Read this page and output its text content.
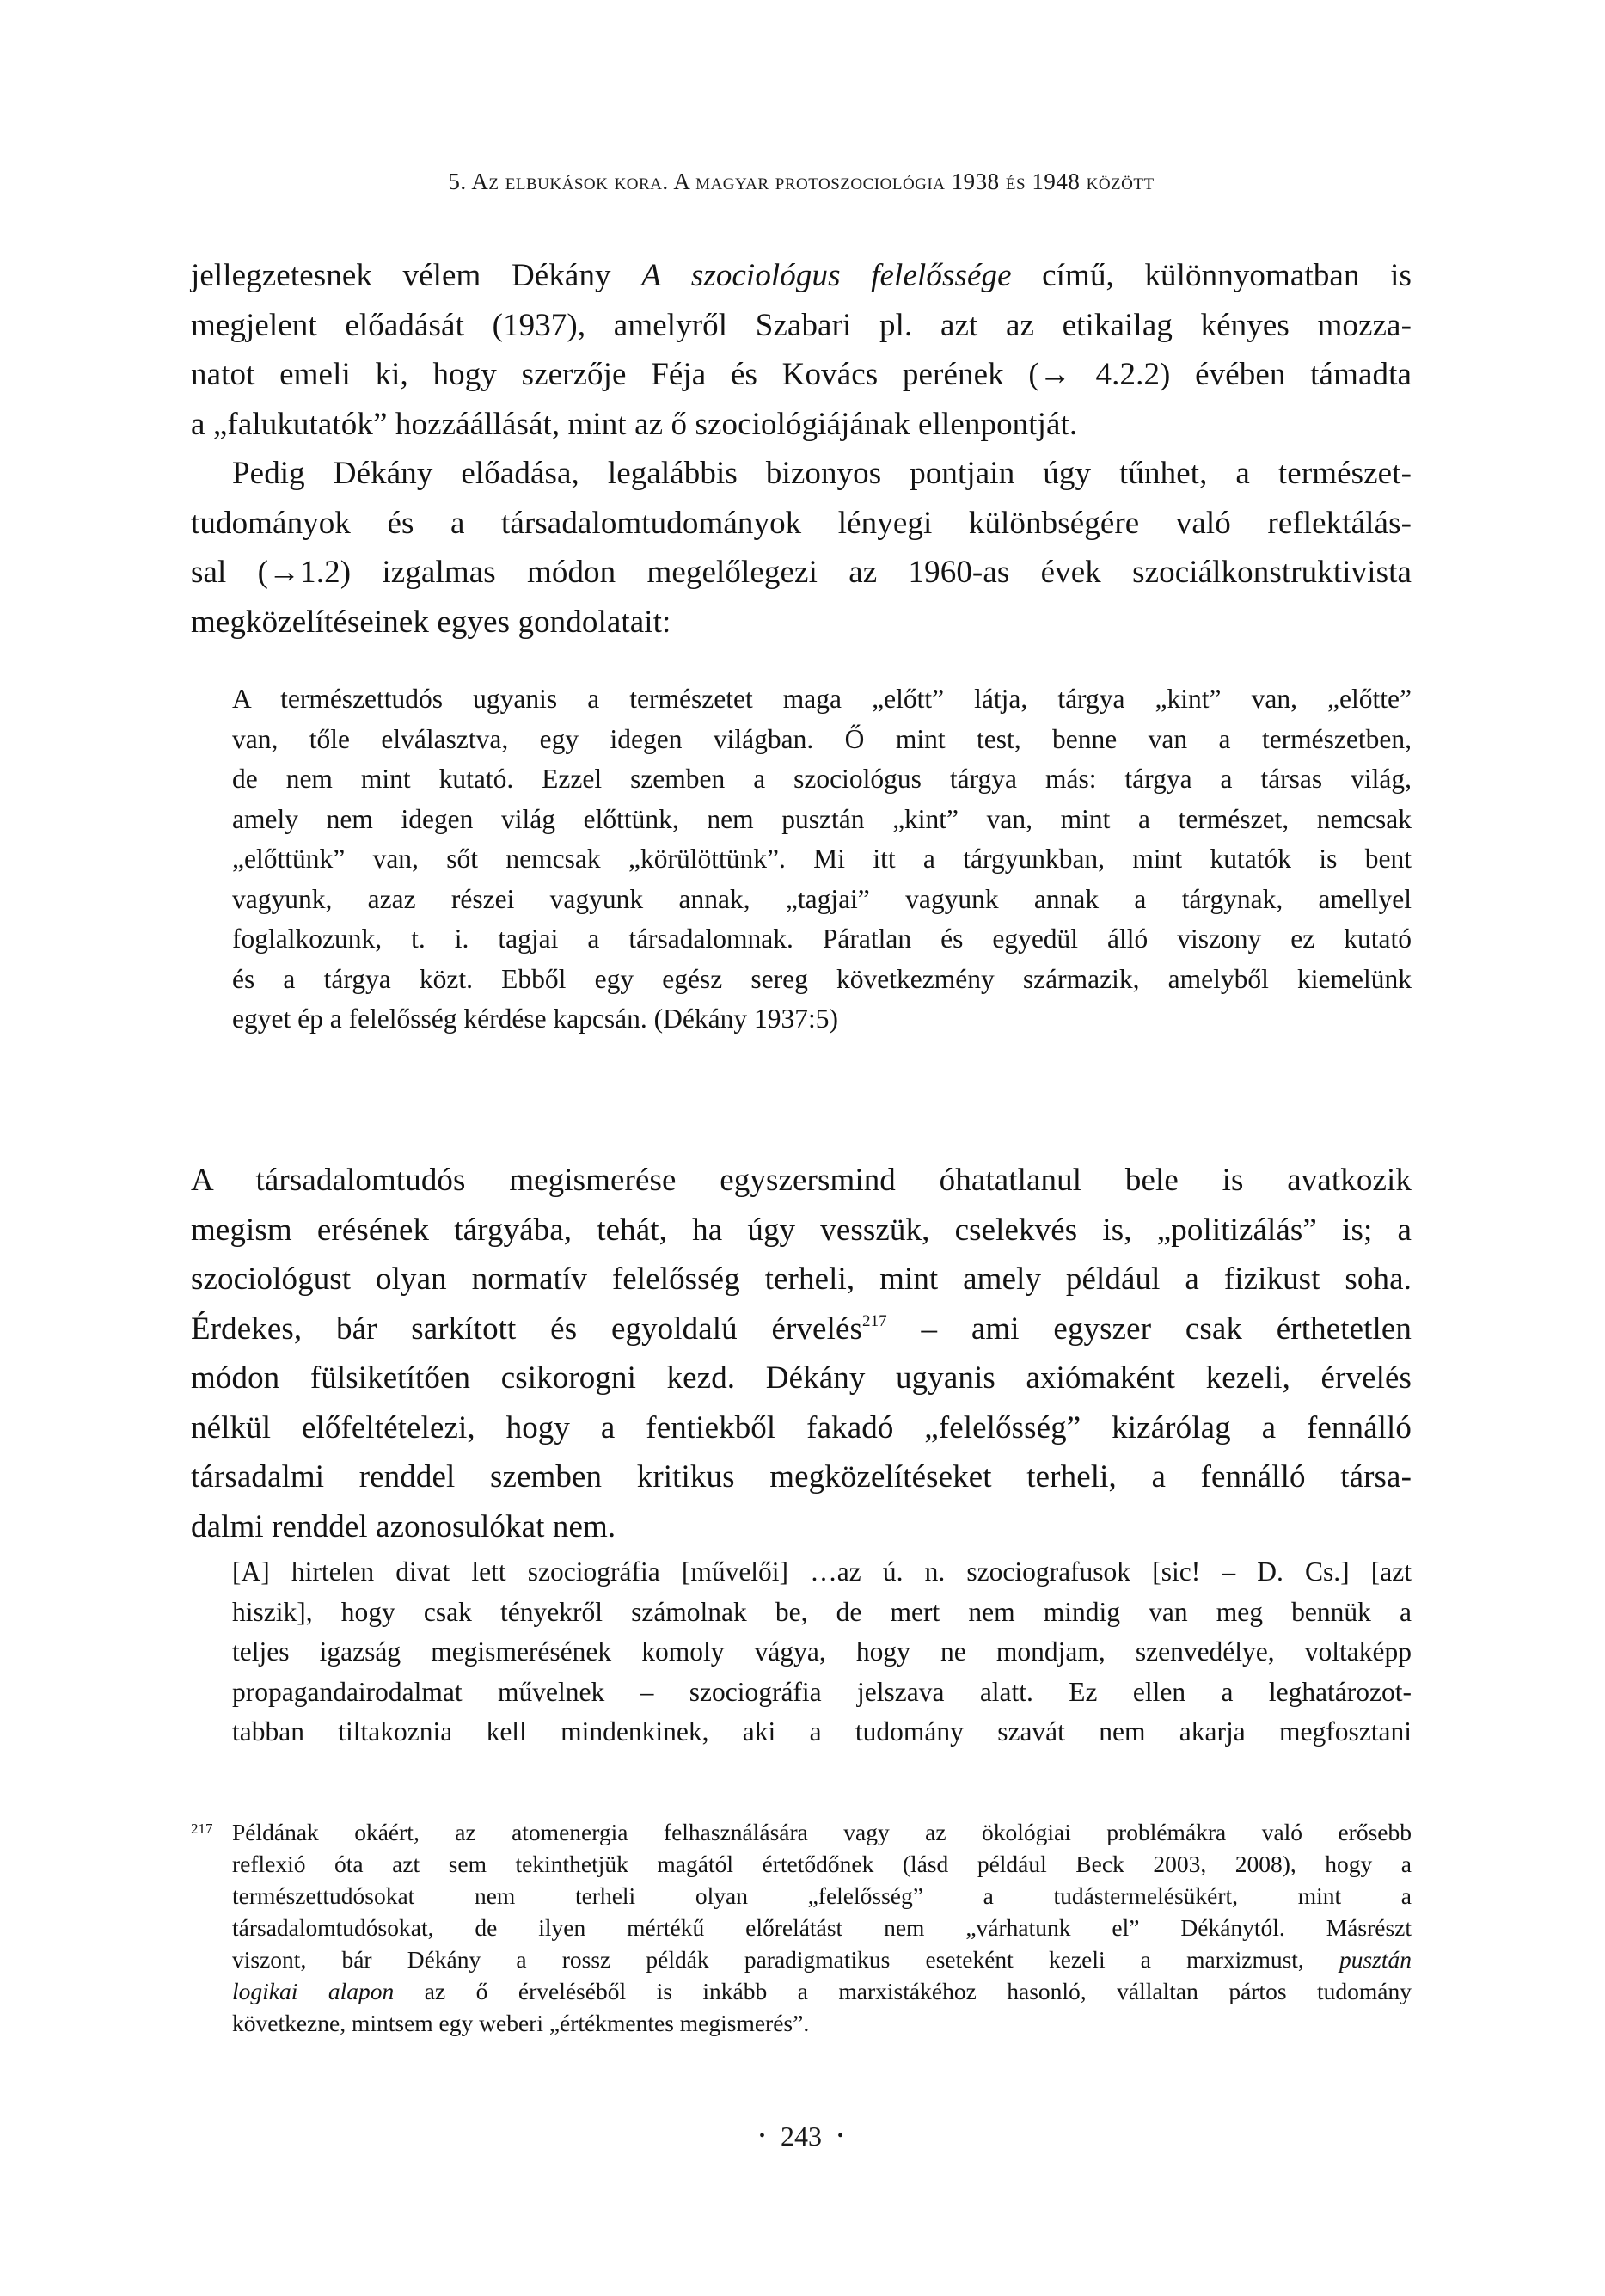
5. Az elbukások kora. A magyar protoszociológia 1938 és 1948 között
jellegzetesnek vélem Dékány A szociológus felelőssége című, különnyomatban is
megjelent előadását (1937), amelyről Szabari pl. azt az etikailag kényes mozza-
natot emeli ki, hogy szerzője Féja és Kovács perének (→ 4.2.2) évében támadta
a „falukutatók” hozzáállását, mint az ő szociológiájának ellenpontját.
Pedig Dékány előadása, legalábbis bizonyos pontjain úgy tűnhet, a természet-
tudományok és a társadalomtudományok lényegi különbségére való reflektálás-
sal (→1.2) izgalmas módon megelőlegezi az 1960-as évek szociálkonstruktivista
megközelítéseinek egyes gondolatait:
A természettudós ugyanis a természetet maga „előtt” látja, tárgya „kint” van, „előtte”
van, tőle elválasztva, egy idegen világban. Ő mint test, benne van a természetben,
de nem mint kutató. Ezzel szemben a szociológus tárgya más: tárgya a társas világ,
amely nem idegen világ előttünk, nem pusztán „kint” van, mint a természet, nemcsak
„előttünk” van, sőt nemcsak „körülöttünk”. Mi itt a tárgyunkban, mint kutatók is bent
vagyunk, azaz részei vagyunk annak, „tagjai” vagyunk annak a tárgynak, amellyel
foglalkozunk, t. i. tagjai a társadalomnak. Páratlan és egyedül álló viszony ez kutató
és a tárgya közt. Ebből egy egész sereg következmény származik, amelyből kiemelünk
egyet ép a felelősség kérdése kapcsán. (Dékány 1937:5)
A társadalomtudós megismerése egyszersmind óhatatlanul bele is avatkozik
megism erésének tárgyába, tehát, ha úgy vesszük, cselekvés is, „politizálás” is; a
szociológust olyan normatív felelősség terheli, mint amely például a fizikust soha.
Érdekes, bár sarkított és egyoldalú érvelés$^{217}$ – ami egyszer csak érthetetlen
módon fülsiketítően csikorogni kezd. Dékány ugyanis axiómaként kezeli, érvelés
nélkül előfeltételezi, hogy a fentiekből fakadó „felelősség” kizárólag a fennálló
társadalmi renddel szemben kritikus megközelítéseket terheli, a fennálló társa-
dalmi renddel azonosulókat nem.
[A] hirtelen divat lett szociográfia [művelői] …az ú. n. szociografusok [sic! – D. Cs.] [azt
hiszik], hogy csak tényekről számolnak be, de mert nem mindig van meg bennük a
teljes igazság megismerésének komoly vágya, hogy ne mondjam, szenvedélye, voltaképp
propagandairodalmat művelnek – szociográfia jelszava alatt. Ez ellen a leghatározot-
tabban tiltakoznia kell mindenkinek, aki a tudomány szavát nem akarja megfosztani
217 Példának okáért, az atomenergia felhasználására vagy az ökológiai problémákra való erősebb
reflexió óta azt sem tekinthetjük magától értetődőnek (lásd például Beck 2003, 2008), hogy a
természettudósokat nem terheli olyan „felelősség” a tudástermelésükért, mint a
társadalomtudósokat, de ilyen mértékű előrelátást nem „várhatunk el” Dékánytól. Másrészt
viszont, bár Dékány a rossz példák paradigmatikus eseteként kezeli a marxizmust, pusztán
logikai alapon az ő érveléséből is inkább a marxistákéhoz hasonló, vállaltan pártos tudomány
következne, mintsem egy weberi „értékmentes megismerés”.
• 243 •
